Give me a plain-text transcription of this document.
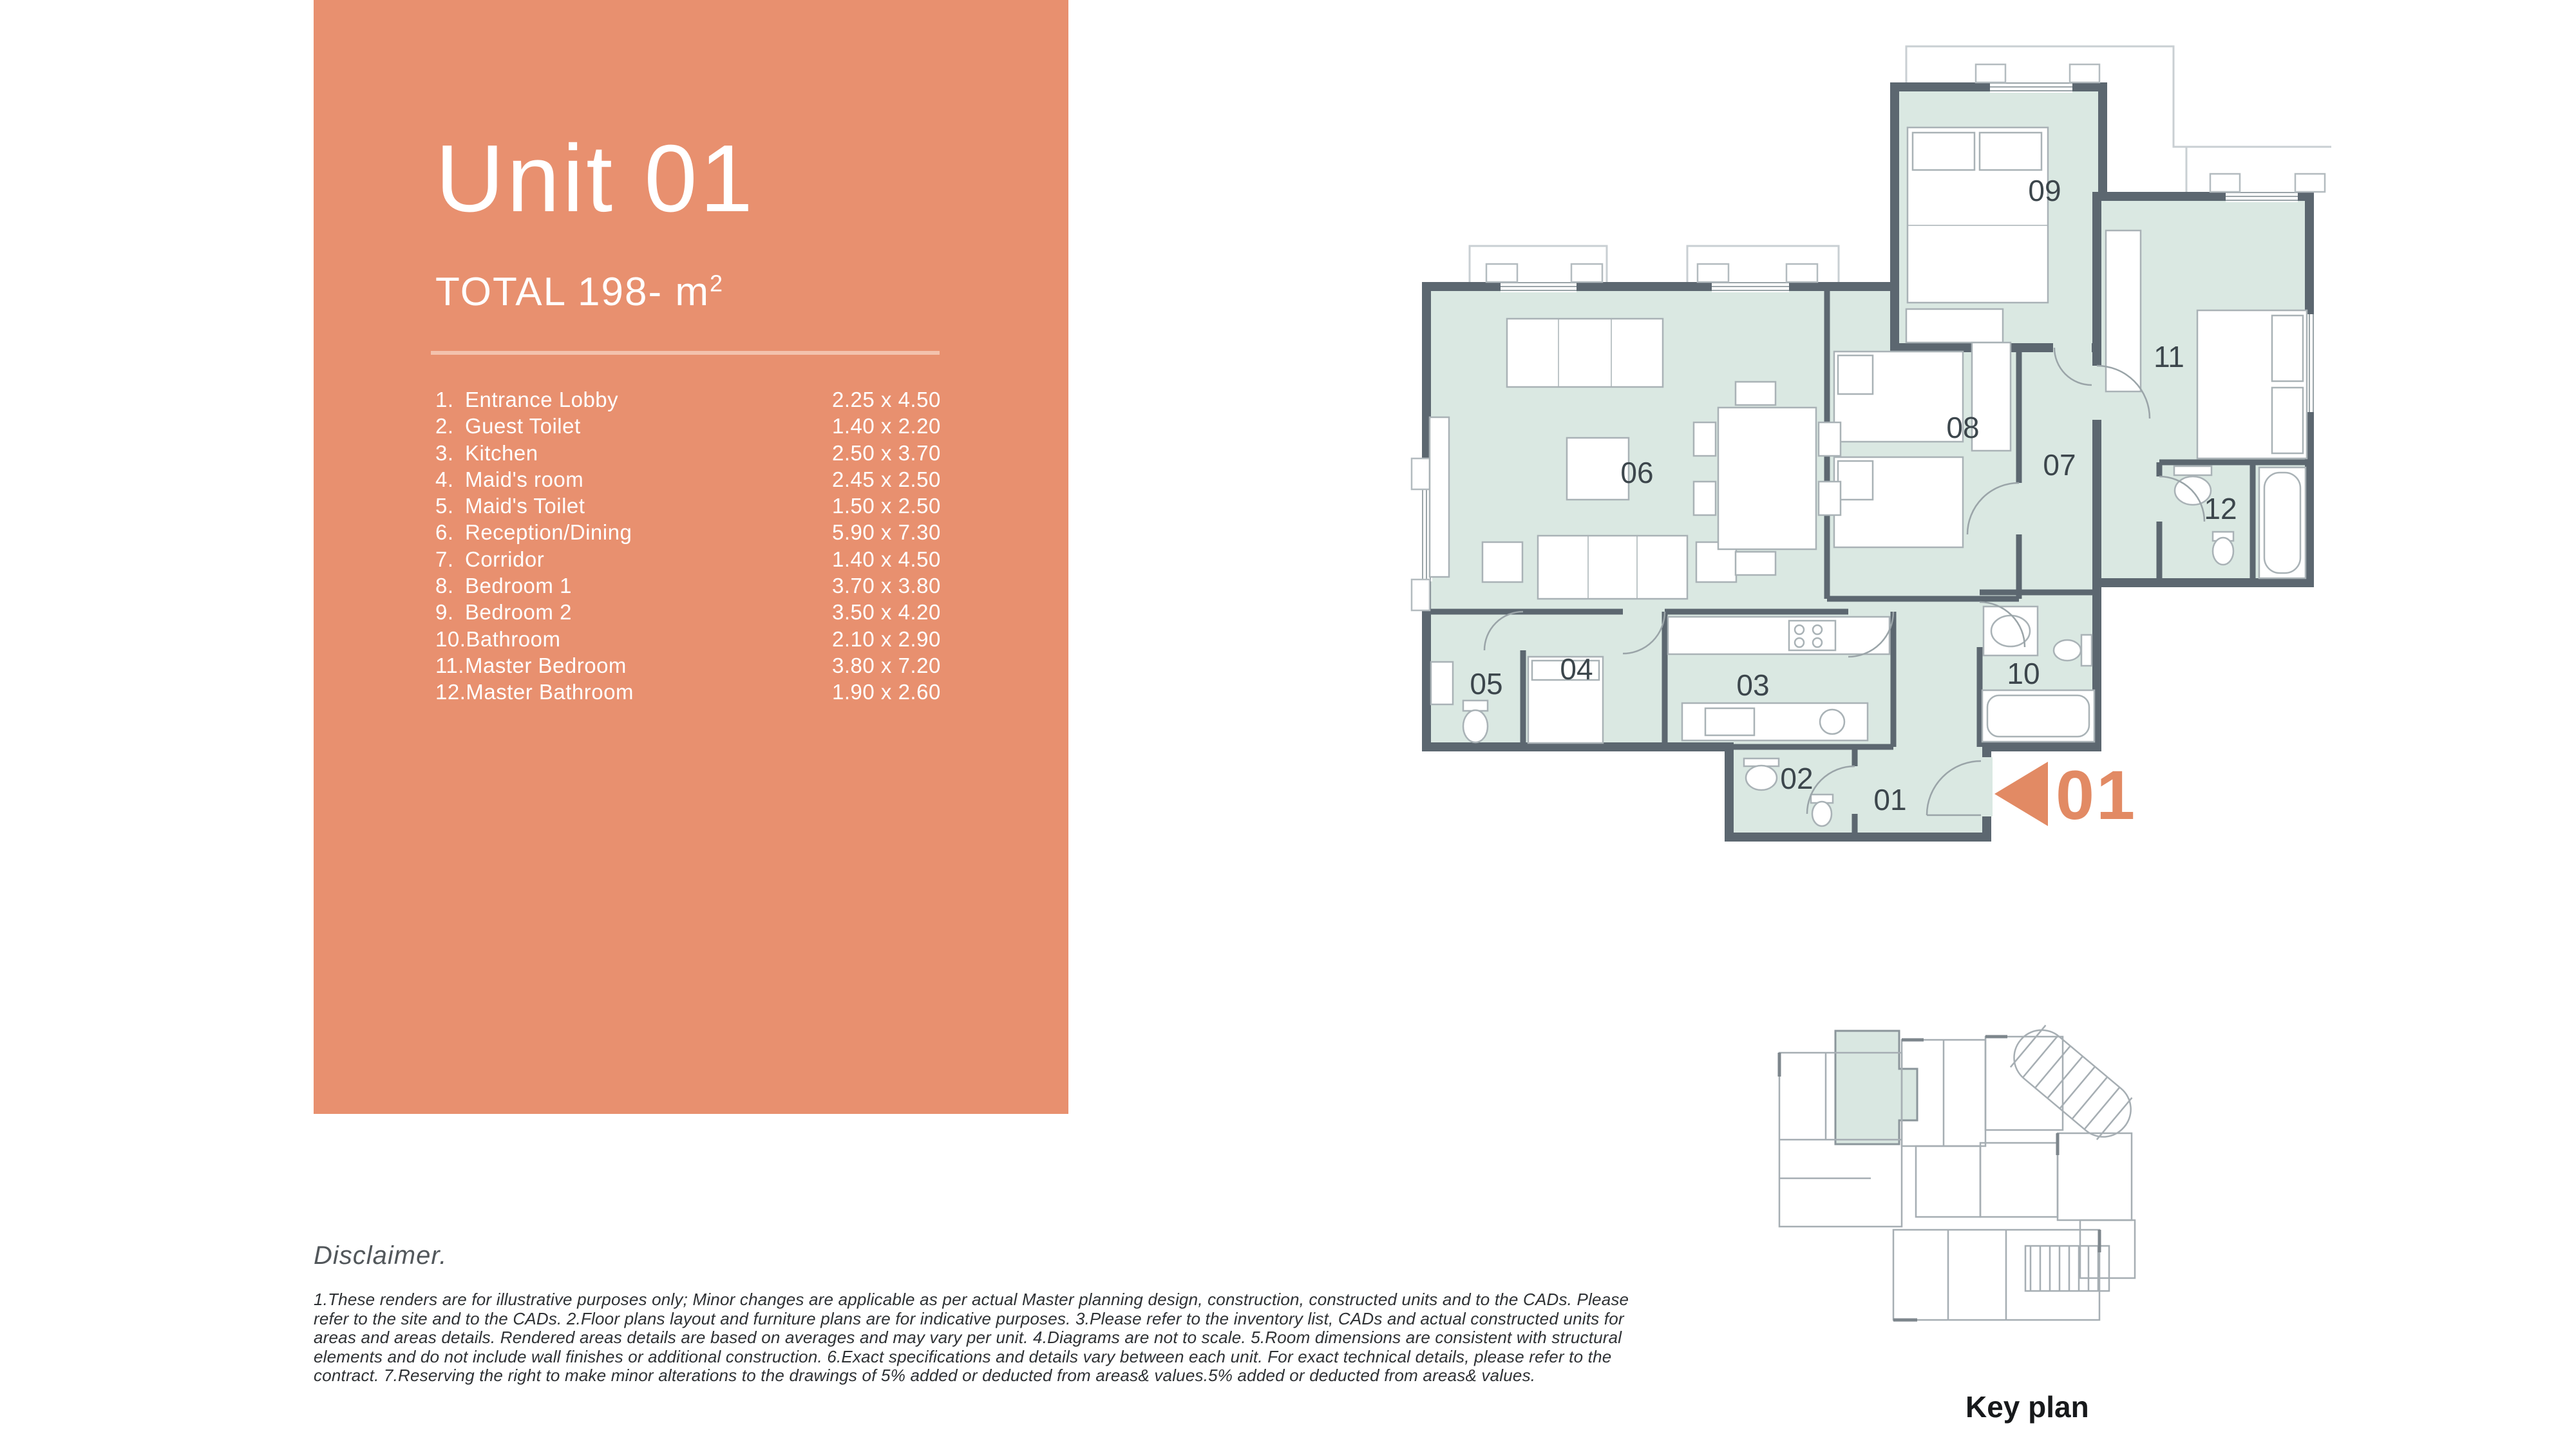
Unit 01
TOTAL 198- $m^2$
1. Entrance Lobby	2.25 x 4.50
2. Guest Toilet	1.40 x 2.20
3. Kitchen	2.50 x 3.70
4. Maid's room	2.45 x 2.50
5. Maid's Toilet	1.50 x 2.50
6. Reception/Dining	5.90 x 7.30
7. Corridor	1.40 x 4.50
8. Bedroom 1	3.70 x 3.80
9. Bedroom 2	3.50 x 4.20
10.Bathroom	2.10 x 2.90
11.Master Bedroom	3.80 x 7.20
12.Master Bathroom	1.90 x 2.60
09
11
06
08
07
12
05 04	03	10
02
01 01
Key plan
Disclaimer.
1.These renders are for illustrative purposes only; Minor changes are applicable as per actual Master planning design, construction, constructed units and to the CADs. Please refer to the site and to the CADs. 2.Floor plans layout and furniture plans are for indicative purposes. 3.Please refer to the inventory list, CADs and actual constructed units for areas and areas details. Rendered areas details are based on averages and may vary per unit. 4.Diagrams are not to scale. 5.Room dimensions are consistent with structural elements and do not include wall finishes or additional construction. 6.Exact specifications and details vary between each unit. For exact technical details, please refer to the contract. 7.Reserving the right to make minor alterations to the drawings of 5% added or deducted from areas& values.5% added or deducted from areas& values.
